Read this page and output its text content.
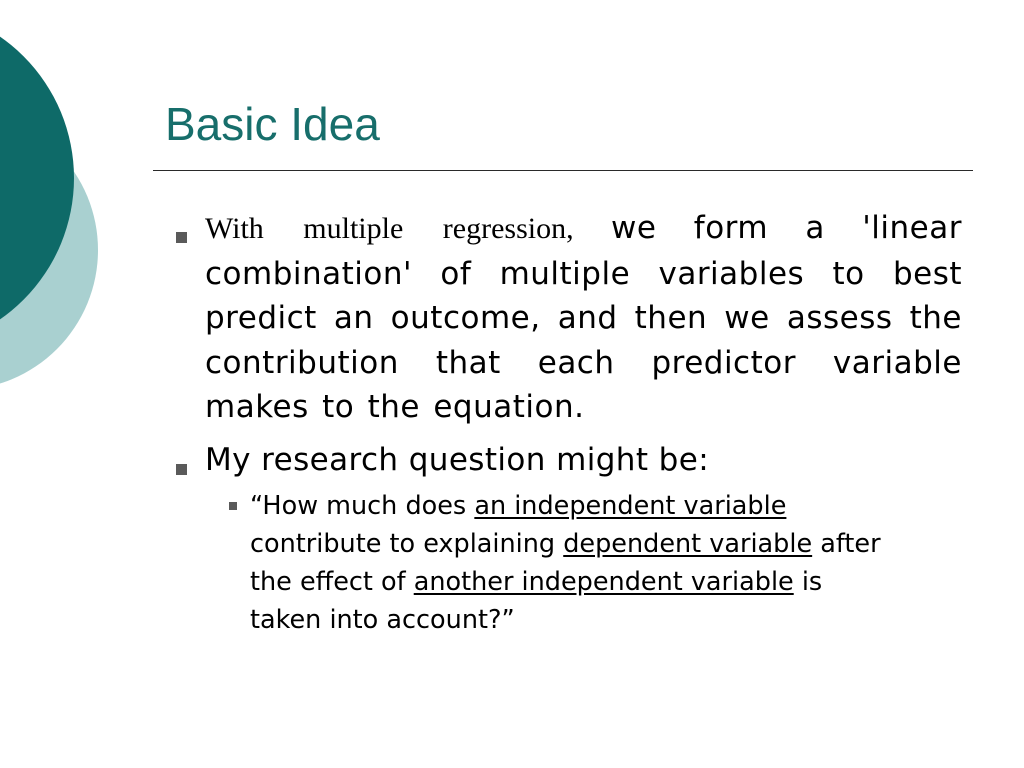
Basic Idea
With multiple regression, we form a 'linear combination' of multiple variables to best predict an outcome, and then we assess the contribution that each predictor variable makes to the equation.
My research question might be:
“How much does an independent variable contribute to explaining dependent variable after the effect of another independent variable is taken into account?”
